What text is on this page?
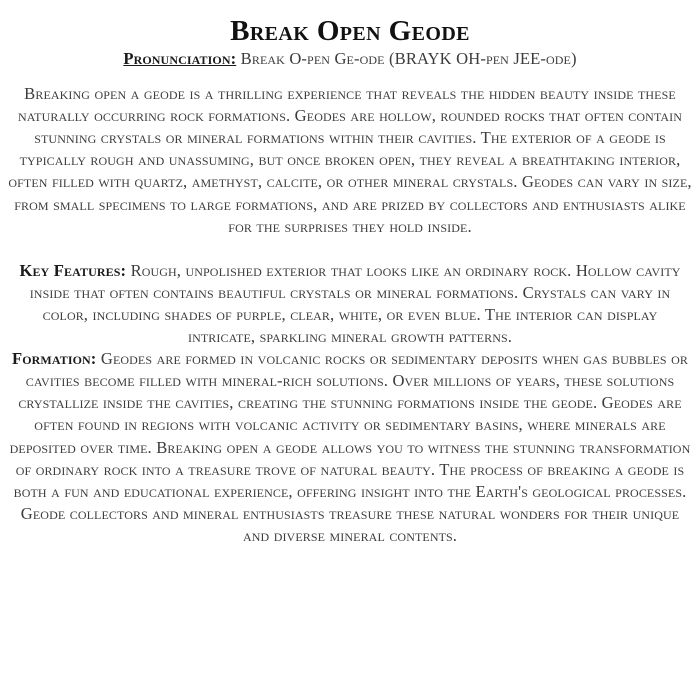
Break Open Geode

Pronunciation: Break O-pen Ge-ode (BRAYK OH-pen JEE-ode)

Breaking open a geode is a thrilling experience that reveals the hidden beauty inside these naturally occurring rock formations. Geodes are hollow, rounded rocks that often contain stunning crystals or mineral formations within their cavities. The exterior of a geode is typically rough and unassuming, but once broken open, they reveal a breathtaking interior, often filled with quartz, amethyst, calcite, or other mineral crystals. Geodes can vary in size, from small specimens to large formations, and are prized by collectors and enthusiasts alike for the surprises they hold inside.

Key Features: Rough, unpolished exterior that looks like an ordinary rock. Hollow cavity inside that often contains beautiful crystals or mineral formations. Crystals can vary in color, including shades of purple, clear, white, or even blue. The interior can display intricate, sparkling mineral growth patterns.

Formation: Geodes are formed in volcanic rocks or sedimentary deposits when gas bubbles or cavities become filled with mineral-rich solutions. Over millions of years, these solutions crystallize inside the cavities, creating the stunning formations inside the geode. Geodes are often found in regions with volcanic activity or sedimentary basins, where minerals are deposited over time. Breaking open a geode allows you to witness the stunning transformation of ordinary rock into a treasure trove of natural beauty. The process of breaking a geode is both a fun and educational experience, offering insight into the Earth's geological processes. Geode collectors and mineral enthusiasts treasure these natural wonders for their unique and diverse mineral contents.
